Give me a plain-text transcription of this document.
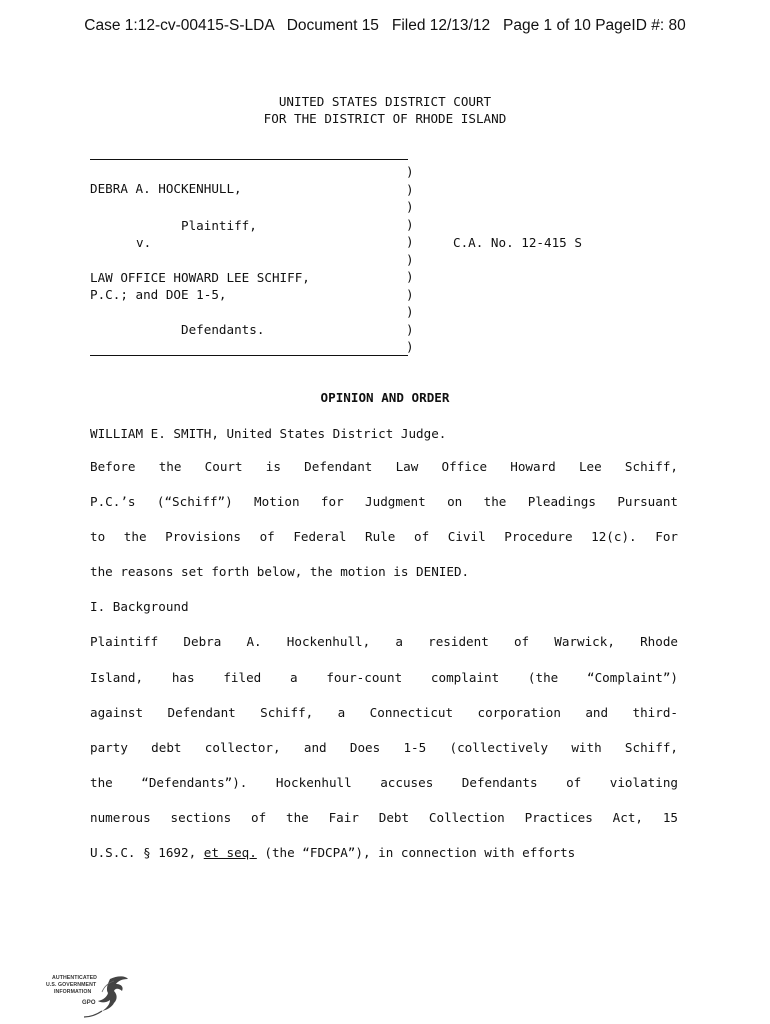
Case 1:12-cv-00415-S-LDA   Document 15   Filed 12/13/12   Page 1 of 10 PageID #: 80
UNITED STATES DISTRICT COURT
FOR THE DISTRICT OF RHODE ISLAND
)
)
)
)
)
)
)
)
)
)
)
DEBRA A. HOCKENHULL,
Plaintiff,
v.	C.A. No. 12-415 S
LAW OFFICE HOWARD LEE SCHIFF,
P.C.; and DOE 1-5,
Defendants.
OPINION AND ORDER
WILLIAM E. SMITH, United States District Judge.
Before the Court is Defendant Law Office Howard Lee Schiff,
P.C.’s (“Schiff”) Motion for Judgment on the Pleadings Pursuant
to the Provisions of Federal Rule of Civil Procedure 12(c). For
the reasons set forth below, the motion is DENIED.
I. Background
Plaintiff Debra A. Hockenhull, a resident of Warwick, Rhode
Island, has filed a four-count complaint (the “Complaint”)
against Defendant Schiff, a Connecticut corporation and third-
party debt collector, and Does 1-5 (collectively with Schiff,
the “Defendants”). Hockenhull accuses Defendants of violating
numerous sections of the Fair Debt Collection Practices Act, 15
U.S.C. § 1692, et seq. (the “FDCPA”), in connection with efforts
AUTHENTICATED
U.S. GOVERNMENT
INFORMATION
GPO
